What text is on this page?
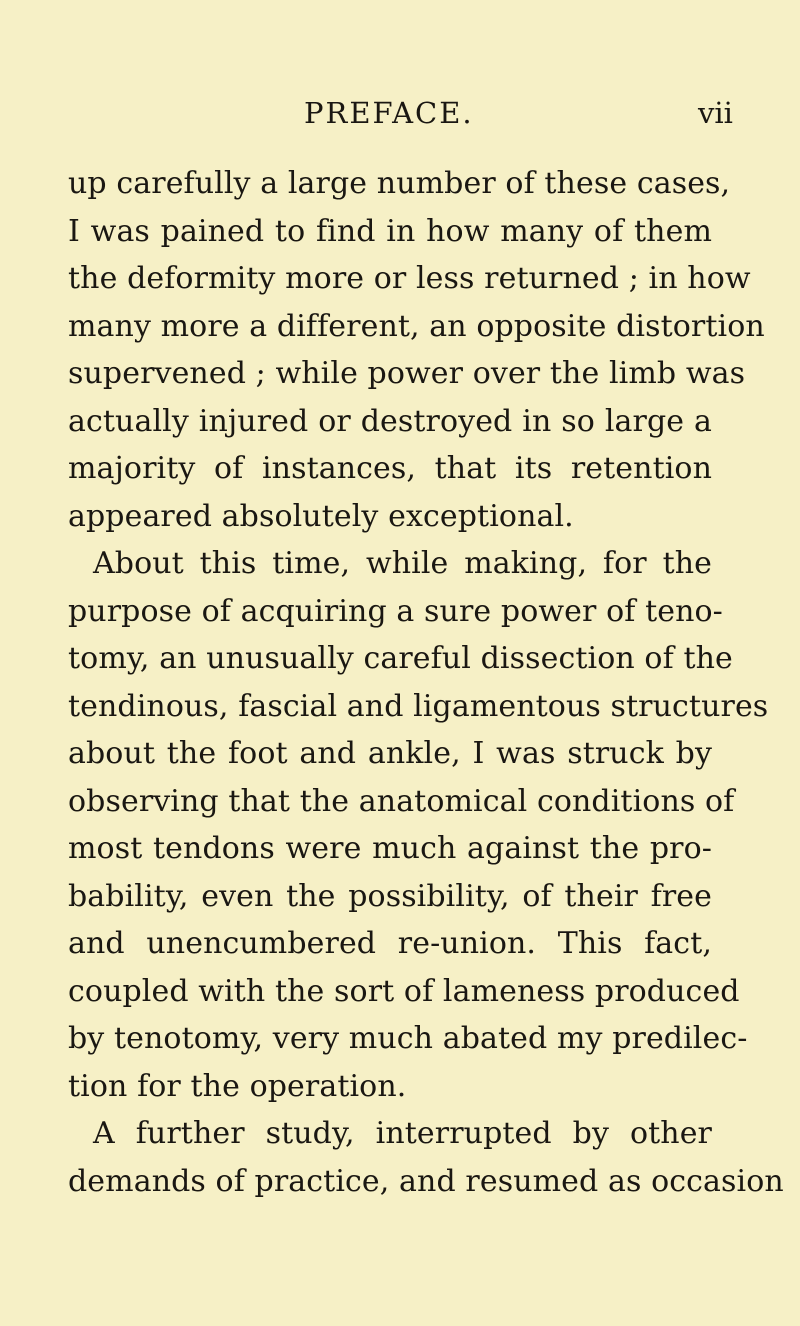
PREFACE.	vii
up carefully a large number of these cases,
I was pained to find in how many of them
the deformity more or less returned ; in how
many more a different, an opposite distortion
supervened ; while power over the limb was
actually injured or destroyed in so large a
majority of instances, that its retention
appeared absolutely exceptional.
About this time, while making, for the
purpose of acquiring a sure power of teno-
tomy, an unusually careful dissection of the
tendinous, fascial and ligamentous structures
about the foot and ankle, I was struck by
observing that the anatomical conditions of
most tendons were much against the pro-
bability, even the possibility, of their free
and unencumbered re-union. This fact,
coupled with the sort of lameness produced
by tenotomy, very much abated my predilec-
tion for the operation.
A further study, interrupted by other
demands of practice, and resumed as occasion
